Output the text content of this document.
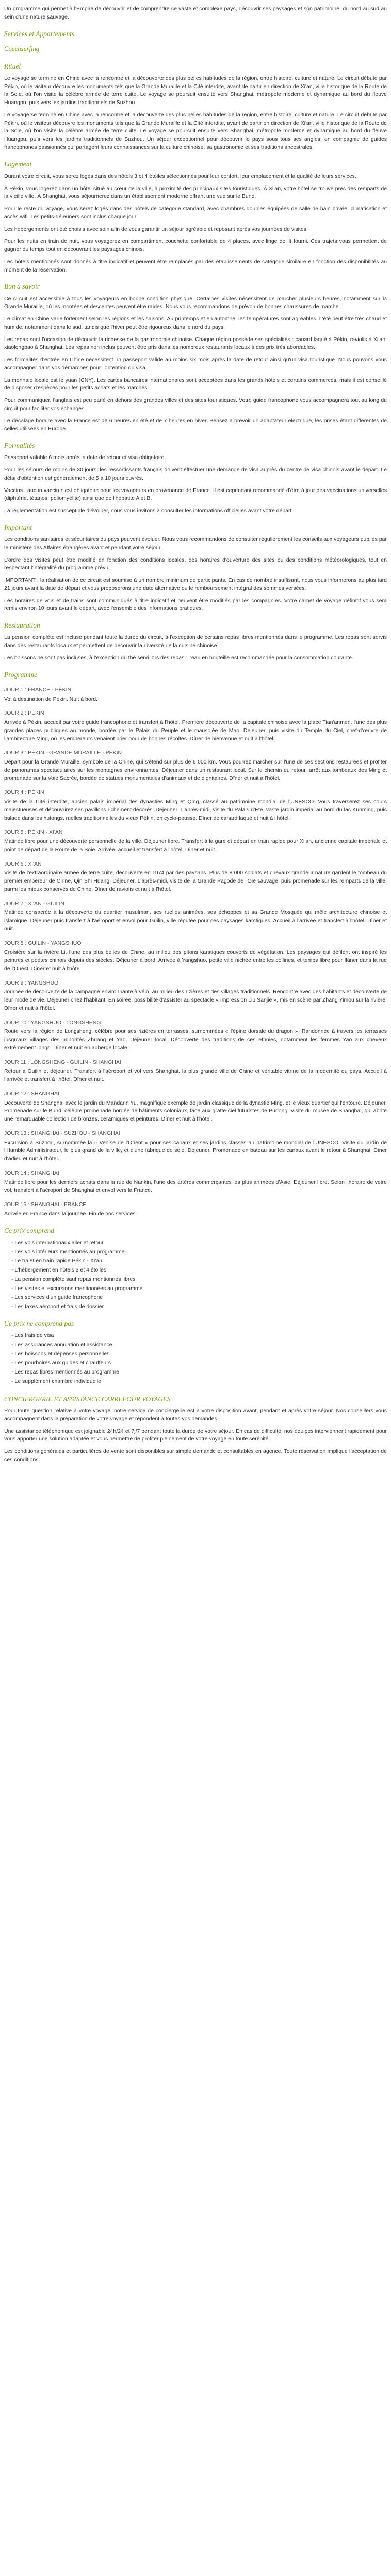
Un programme qui permet à l'Empire de découvrir et de comprendre ce vaste et complexe pays, découvrir ses paysages et son patrimoine, du nord au sud au sein d'une nature sauvage.

Services et Appartements
Couchsurfing
Rituel

Le voyage se termine en Chine avec la rencontre et la découverte des plus belles habitudes de la région, entre histoire, culture et nature. Le circuit débute par Pékin, où le visiteur découvre les monuments tels que la Grande Muraille et la Cité interdite, avant de partir en direction de Xi'an, ville historique de la Route de la Soie, où l'on visite la célèbre armée de terre cuite. Le voyage se poursuit ensuite vers Shanghai, métropole moderne et dynamique au bord du fleuve Huangpu, puis vers les jardins traditionnels de Suzhou.

Le voyage se termine en Chine avec la rencontre et la découverte des plus belles habitudes de la région, entre histoire, culture et nature. Le circuit débute par Pékin, où le visiteur découvre les monuments tels que la Grande Muraille et la Cité interdite, avant de partir en direction de Xi'an, ville historique de la Route de la Soie, où l'on visite la célèbre armée de terre cuite. Le voyage se poursuit ensuite vers Shanghai, métropole moderne et dynamique au bord du fleuve Huangpu, puis vers les jardins traditionnels de Suzhou. Un séjour exceptionnel pour découvrir le pays sous tous ses angles, en compagnie de guides francophones passionnés qui partagent leurs connaissances sur la culture chinoise, sa gastronomie et ses traditions ancestrales.

Logement

Durant votre circuit, vous serez logés dans des hôtels 3 et 4 étoiles sélectionnés pour leur confort, leur emplacement et la qualité de leurs services.

À Pékin, vous logerez dans un hôtel situé au cœur de la ville, à proximité des principaux sites touristiques. À Xi'an, votre hôtel se trouve près des remparts de la vieille ville. À Shanghai, vous séjournerez dans un établissement moderne offrant une vue sur le Bund.

Pour le reste du voyage, vous serez logés dans des hôtels de catégorie standard, avec chambres doubles équipées de salle de bain privée, climatisation et accès wifi. Les petits-déjeuners sont inclus chaque jour.

Les hébergements ont été choisis avec soin afin de vous garantir un séjour agréable et reposant après vos journées de visites.

Pour les nuits en train de nuit, vous voyagerez en compartiment couchette confortable de 4 places, avec linge de lit fourni. Ces trajets vous permettent de gagner du temps tout en découvrant les paysages chinois.

Les hôtels mentionnés sont donnés à titre indicatif et peuvent être remplacés par des établissements de catégorie similaire en fonction des disponibilités au moment de la réservation.

Bon à savoir

Ce circuit est accessible à tous les voyageurs en bonne condition physique. Certaines visites nécessitent de marcher plusieurs heures, notamment sur la Grande Muraille, où les montées et descentes peuvent être raides. Nous vous recommandons de prévoir de bonnes chaussures de marche.

Le climat en Chine varie fortement selon les régions et les saisons. Au printemps et en automne, les températures sont agréables. L'été peut être très chaud et humide, notamment dans le sud, tandis que l'hiver peut être rigoureux dans le nord du pays.

Les repas sont l'occasion de découvrir la richesse de la gastronomie chinoise. Chaque région possède ses spécialités : canard laqué à Pékin, raviolis à Xi'an, xiaolongbao à Shanghai. Les repas non inclus peuvent être pris dans les nombreux restaurants locaux à des prix très abordables.

Les formalités d'entrée en Chine nécessitent un passeport valide au moins six mois après la date de retour ainsi qu'un visa touristique. Nous pouvons vous accompagner dans vos démarches pour l'obtention du visa.

La monnaie locale est le yuan (CNY). Les cartes bancaires internationales sont acceptées dans les grands hôtels et certains commerces, mais il est conseillé de disposer d'espèces pour les petits achats et les marchés.

Pour communiquer, l'anglais est peu parlé en dehors des grandes villes et des sites touristiques. Votre guide francophone vous accompagnera tout au long du circuit pour faciliter vos échanges.

Le décalage horaire avec la France est de 6 heures en été et de 7 heures en hiver. Pensez à prévoir un adaptateur électrique, les prises étant différentes de celles utilisées en Europe.

Formalités

Passeport valable 6 mois après la date de retour et visa obligatoire.

Pour les séjours de moins de 30 jours, les ressortissants français doivent effectuer une demande de visa auprès du centre de visa chinois avant le départ. Le délai d'obtention est généralement de 5 à 10 jours ouvrés.

Vaccins : aucun vaccin n'est obligatoire pour les voyageurs en provenance de France. Il est cependant recommandé d'être à jour des vaccinations universelles (diphtérie, tétanos, poliomyélite) ainsi que de l'hépatite A et B.

La réglementation est susceptible d'évoluer, nous vous invitons à consulter les informations officielles avant votre départ.

Important

Les conditions sanitaires et sécuritaires du pays peuvent évoluer. Nous vous recommandons de consulter régulièrement les conseils aux voyageurs publiés par le ministère des Affaires étrangères avant et pendant votre séjour.

L'ordre des visites peut être modifié en fonction des conditions locales, des horaires d'ouverture des sites ou des conditions météorologiques, tout en respectant l'intégralité du programme prévu.

IMPORTANT : la réalisation de ce circuit est soumise à un nombre minimum de participants. En cas de nombre insuffisant, nous vous informerons au plus tard 21 jours avant la date de départ et vous proposerons une date alternative ou le remboursement intégral des sommes versées.

Les horaires de vols et de trains sont communiqués à titre indicatif et peuvent être modifiés par les compagnies. Votre carnet de voyage définitif vous sera remis environ 10 jours avant le départ, avec l'ensemble des informations pratiques.

Restauration

La pension complète est incluse pendant toute la durée du circuit, à l'exception de certains repas libres mentionnés dans le programme. Les repas sont servis dans des restaurants locaux et permettent de découvrir la diversité de la cuisine chinoise.

Les boissons ne sont pas incluses, à l'exception du thé servi lors des repas. L'eau en bouteille est recommandée pour la consommation courante.

Programme
JOUR 1 : FRANCE - PÉKIN

Vol à destination de Pékin. Nuit à bord.

JOUR 2 : PÉKIN

Arrivée à Pékin, accueil par votre guide francophone et transfert à l'hôtel. Première découverte de la capitale chinoise avec la place Tian'anmen, l'une des plus grandes places publiques au monde, bordée par le Palais du Peuple et le mausolée de Mao. Déjeuner, puis visite du Temple du Ciel, chef-d'œuvre de l'architecture Ming, où les empereurs venaient prier pour de bonnes récoltes. Dîner de bienvenue et nuit à l'hôtel.

JOUR 3 : PÉKIN - GRANDE MURAILLE - PÉKIN

Départ pour la Grande Muraille, symbole de la Chine, qui s'étend sur plus de 6 000 km. Vous pourrez marcher sur l'une de ses sections restaurées et profiter de panoramas spectaculaires sur les montagnes environnantes. Déjeuner dans un restaurant local. Sur le chemin du retour, arrêt aux tombeaux des Ming et promenade sur la Voie Sacrée, bordée de statues monumentales d'animaux et de dignitaires. Dîner et nuit à l'hôtel.

JOUR 4 : PÉKIN

Visite de la Cité interdite, ancien palais impérial des dynasties Ming et Qing, classé au patrimoine mondial de l'UNESCO. Vous traverserez ses cours majestueuses et découvrirez ses pavillons richement décorés. Déjeuner. L'après-midi, visite du Palais d'Été, vaste jardin impérial au bord du lac Kunming, puis balade dans les hutongs, ruelles traditionnelles du vieux Pékin, en cyclo-pousse. Dîner de canard laqué et nuit à l'hôtel.

JOUR 5 : PÉKIN - XI'AN

Matinée libre pour une découverte personnelle de la ville. Déjeuner libre. Transfert à la gare et départ en train rapide pour Xi'an, ancienne capitale impériale et point de départ de la Route de la Soie. Arrivée, accueil et transfert à l'hôtel. Dîner et nuit.

JOUR 6 : XI'AN

Visite de l'extraordinaire armée de terre cuite, découverte en 1974 par des paysans. Plus de 8 000 soldats et chevaux grandeur nature gardent le tombeau du premier empereur de Chine, Qin Shi Huang. Déjeuner. L'après-midi, visite de la Grande Pagode de l'Oie sauvage, puis promenade sur les remparts de la ville, parmi les mieux conservés de Chine. Dîner de raviolis et nuit à l'hôtel.

JOUR 7 : XI'AN - GUILIN

Matinée consacrée à la découverte du quartier musulman, ses ruelles animées, ses échoppes et sa Grande Mosquée qui mêle architecture chinoise et islamique. Déjeuner puis transfert à l'aéroport et envol pour Guilin, ville réputée pour ses paysages karstiques. Accueil à l'arrivée et transfert à l'hôtel. Dîner et nuit.

JOUR 8 : GUILIN - YANGSHUO

Croisière sur la rivière Li, l'une des plus belles de Chine, au milieu des pitons karstiques couverts de végétation. Les paysages qui défilent ont inspiré les peintres et poètes chinois depuis des siècles. Déjeuner à bord. Arrivée à Yangshuo, petite ville nichée entre les collines, et temps libre pour flâner dans la rue de l'Ouest. Dîner et nuit à l'hôtel.

JOUR 9 : YANGSHUO

Journée de découverte de la campagne environnante à vélo, au milieu des rizières et des villages traditionnels. Rencontre avec des habitants et découverte de leur mode de vie. Déjeuner chez l'habitant. En soirée, possibilité d'assister au spectacle « Impression Liu Sanjie », mis en scène par Zhang Yimou sur la rivière. Dîner et nuit à l'hôtel.

JOUR 10 : YANGSHUO - LONGSHENG

Route vers la région de Longsheng, célèbre pour ses rizières en terrasses, surnommées « l'épine dorsale du dragon ». Randonnée à travers les terrasses jusqu'aux villages des minorités Zhuang et Yao. Déjeuner local. Découverte des traditions de ces ethnies, notamment les femmes Yao aux cheveux extrêmement longs. Dîner et nuit en auberge locale.

JOUR 11 : LONGSHENG - GUILIN - SHANGHAI

Retour à Guilin et déjeuner. Transfert à l'aéroport et vol vers Shanghai, la plus grande ville de Chine et véritable vitrine de la modernité du pays. Accueil à l'arrivée et transfert à l'hôtel. Dîner et nuit.

JOUR 12 : SHANGHAI

Découverte de Shanghai avec le jardin du Mandarin Yu, magnifique exemple de jardin classique de la dynastie Ming, et le vieux quartier qui l'entoure. Déjeuner. Promenade sur le Bund, célèbre promenade bordée de bâtiments coloniaux, face aux gratte-ciel futuristes de Pudong. Visite du musée de Shanghai, qui abrite une remarquable collection de bronzes, céramiques et peintures. Dîner et nuit à l'hôtel.

JOUR 13 : SHANGHAI - SUZHOU - SHANGHAI

Excursion à Suzhou, surnommée la « Venise de l'Orient » pour ses canaux et ses jardins classés au patrimoine mondial de l'UNESCO. Visite du jardin de l'Humble Administrateur, le plus grand de la ville, et d'une fabrique de soie. Déjeuner. Promenade en bateau sur les canaux avant le retour à Shanghai. Dîner d'adieu et nuit à l'hôtel.

JOUR 14 : SHANGHAI

Matinée libre pour les derniers achats dans la rue de Nankin, l'une des artères commerçantes les plus animées d'Asie. Déjeuner libre. Selon l'horaire de votre vol, transfert à l'aéroport de Shanghai et envol vers la France.

JOUR 15 : SHANGHAI - FRANCE

Arrivée en France dans la journée. Fin de nos services.

Ce prix comprend
- Les vols internationaux aller et retour
- Les vols intérieurs mentionnés au programme
- Le trajet en train rapide Pékin - Xi'an
- L'hébergement en hôtels 3 et 4 étoiles
- La pension complète sauf repas mentionnés libres
- Les visites et excursions mentionnées au programme
- Les services d'un guide francophone
- Les taxes aéroport et frais de dossier
Ce prix ne comprend pas
- Les frais de visa
- Les assurances annulation et assistance
- Les boissons et dépenses personnelles
- Les pourboires aux guides et chauffeurs
- Les repas libres mentionnés au programme
- Le supplément chambre individuelle
CONCIERGERIE ET ASSISTANCE CARREFOUR VOYAGES

Pour toute question relative à votre voyage, notre service de conciergerie est à votre disposition avant, pendant et après votre séjour. Nos conseillers vous accompagnent dans la préparation de votre voyage et répondent à toutes vos demandes.

Une assistance téléphonique est joignable 24h/24 et 7j/7 pendant toute la durée de votre séjour. En cas de difficulté, nos équipes interviennent rapidement pour vous apporter une solution adaptée et vous permettre de profiter pleinement de votre voyage en toute sérénité.

Les conditions générales et particulières de vente sont disponibles sur simple demande et consultables en agence. Toute réservation implique l'acceptation de ces conditions.
